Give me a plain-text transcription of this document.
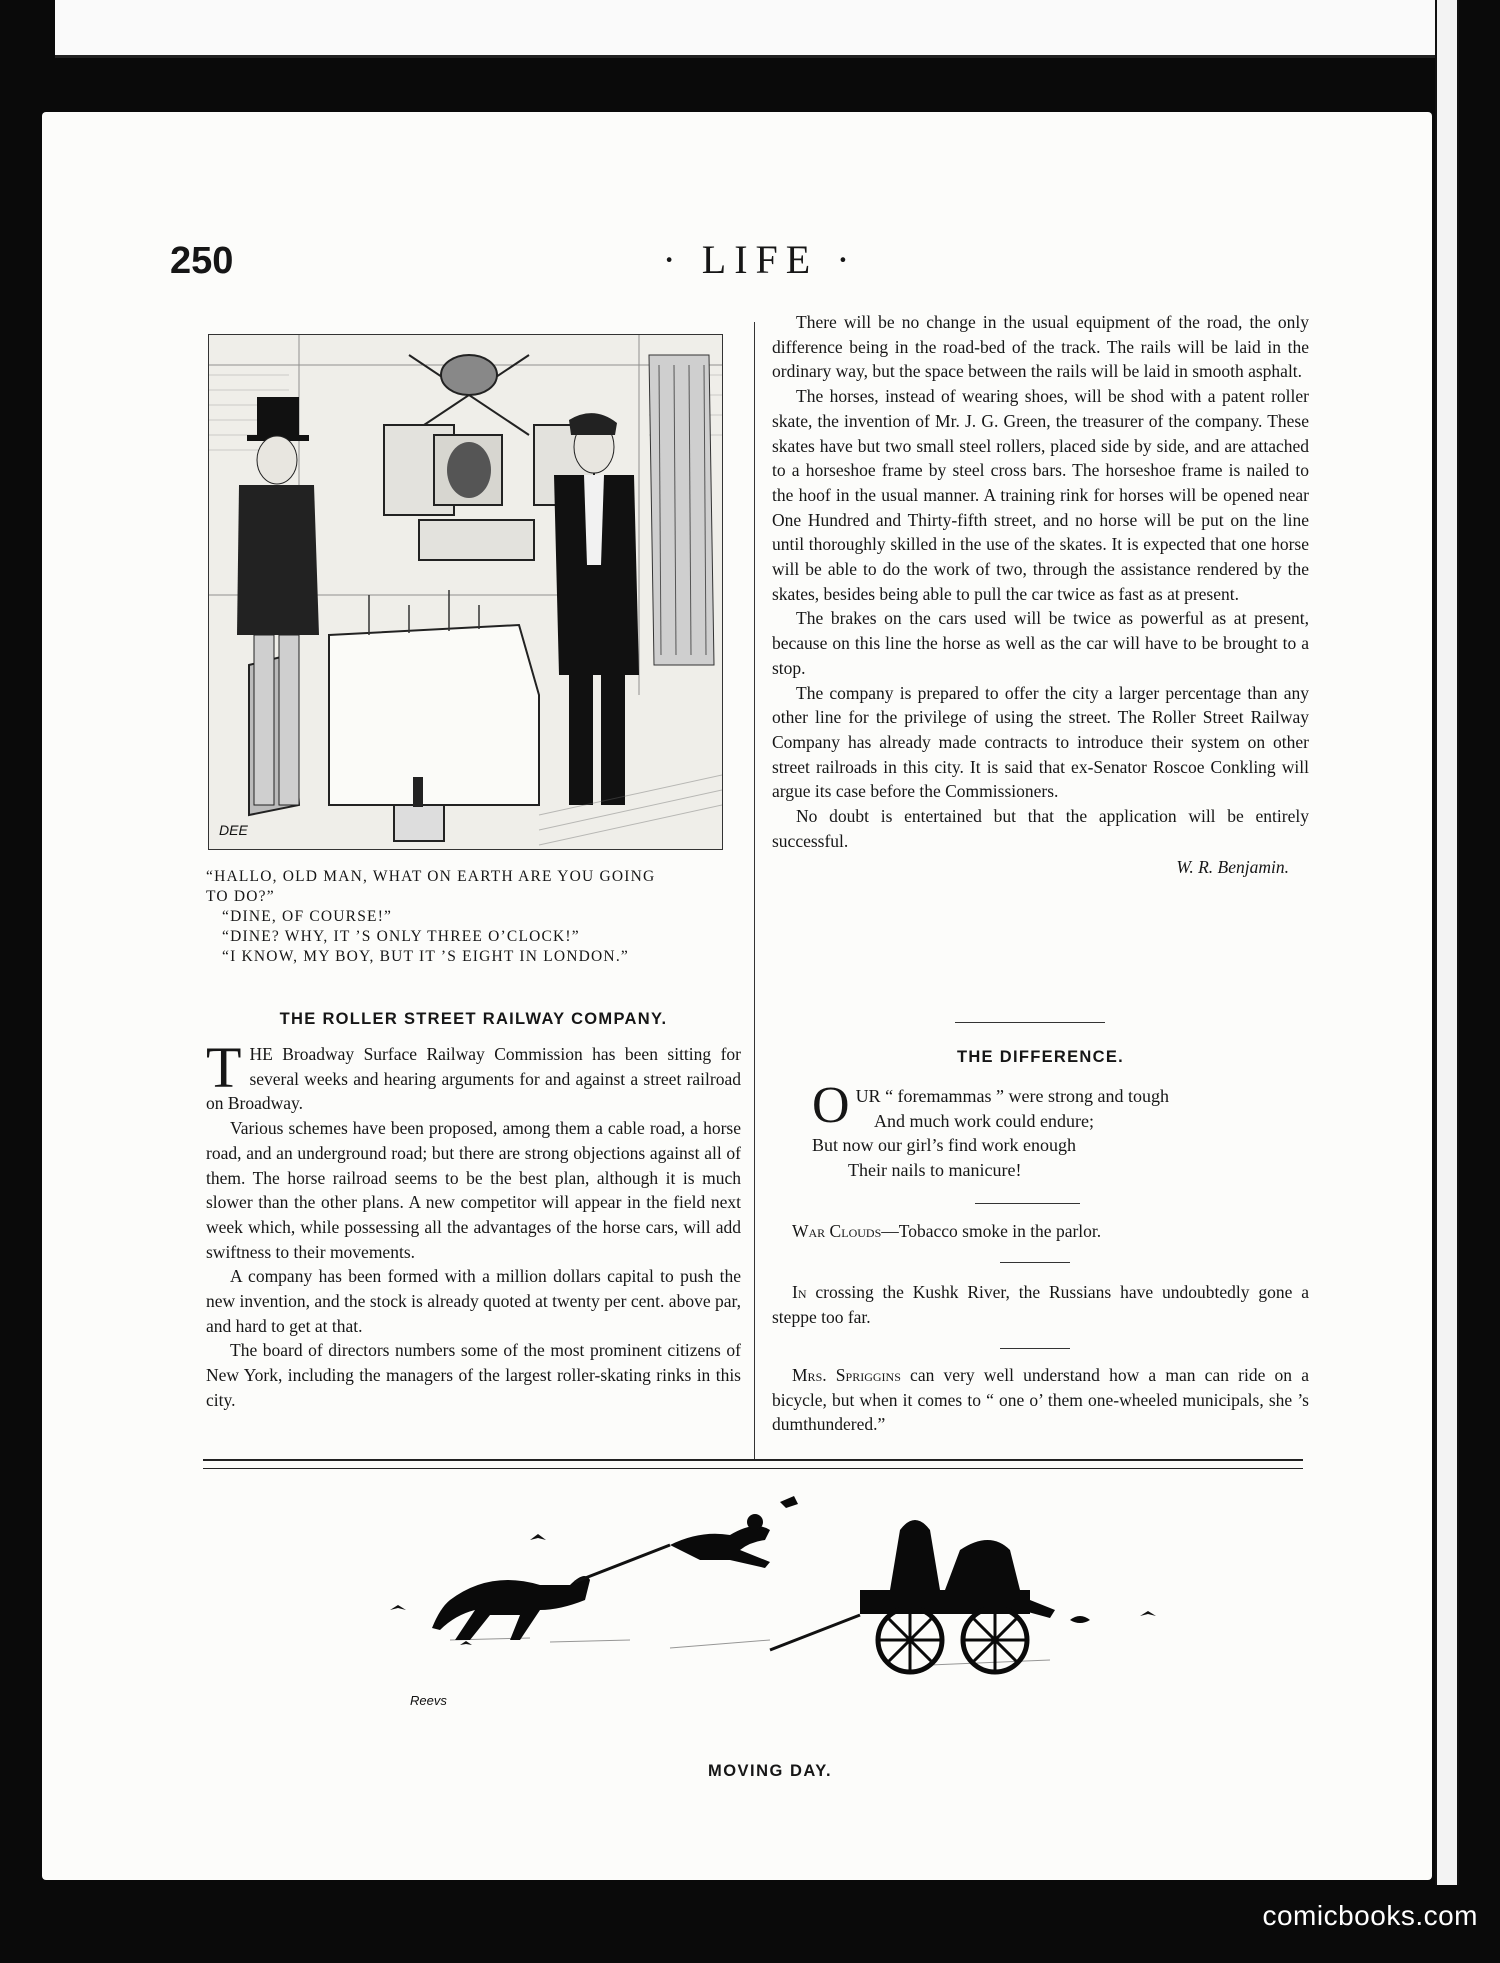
250	· LIFE ·
DEE
“HALLO, OLD MAN, WHAT ON EARTH ARE YOU GOING
TO DO?”
“DINE, OF COURSE!”
“DINE? WHY, IT ’S ONLY THREE O’CLOCK!”
“I KNOW, MY BOY, BUT IT ’S EIGHT IN LONDON.”
THE ROLLER STREET RAILWAY COMPANY.

T HE Broadway Surface Railway Commission has been sitting for several weeks and hearing arguments for and against a street railroad on Broadway.

Various schemes have been proposed, among them a cable road, a horse road, and an underground road; but there are strong objections against all of them. The horse railroad seems to be the best plan, although it is much slower than the other plans. A new competitor will appear in the field next week which, while possessing all the advantages of the horse cars, will add swiftness to their movements.

A company has been formed with a million dollars capital to push the new invention, and the stock is already quoted at twenty per cent. above par, and hard to get at that.

The board of directors numbers some of the most prominent citizens of New York, including the managers of the largest roller-skating rinks in this city.

There will be no change in the usual equipment of the road, the only difference being in the road-bed of the track. The rails will be laid in the ordinary way, but the space between the rails will be laid in smooth asphalt.

The horses, instead of wearing shoes, will be shod with a patent roller skate, the invention of Mr. J. G. Green, the treasurer of the company. These skates have but two small steel rollers, placed side by side, and are attached to a horseshoe frame by steel cross bars. The horseshoe frame is nailed to the hoof in the usual manner. A training rink for horses will be opened near One Hundred and Thirty-fifth street, and no horse will be put on the line until thoroughly skilled in the use of the skates. It is expected that one horse will be able to do the work of two, through the assistance rendered by the skates, besides being able to pull the car twice as fast as at present.

The brakes on the cars used will be twice as powerful as at present, because on this line the horse as well as the car will have to be brought to a stop.

The company is prepared to offer the city a larger percentage than any other line for the privilege of using the street. The Roller Street Railway Company has already made contracts to introduce their system on other street railroads in this city. It is said that ex-Senator Roscoe Conkling will argue its case before the Commissioners.

No doubt is entertained but that the application will be entirely successful.

W. R. Benjamin.

THE DIFFERENCE.
O UR “ foremammas ” were strong and tough
And much work could endure;
But now our girl’s find work enough
Their nails to manicure!
War Clouds—Tobacco smoke in the parlor.

In crossing the Kushk River, the Russians have undoubtedly gone a steppe too far.

Mrs. Spriggins can very well understand how a man can ride on a bicycle, but when it comes to “ one o’ them one-wheeled municipals, she ’s dumthundered.”

Reevs
MOVING DAY.
comicbooks.com
